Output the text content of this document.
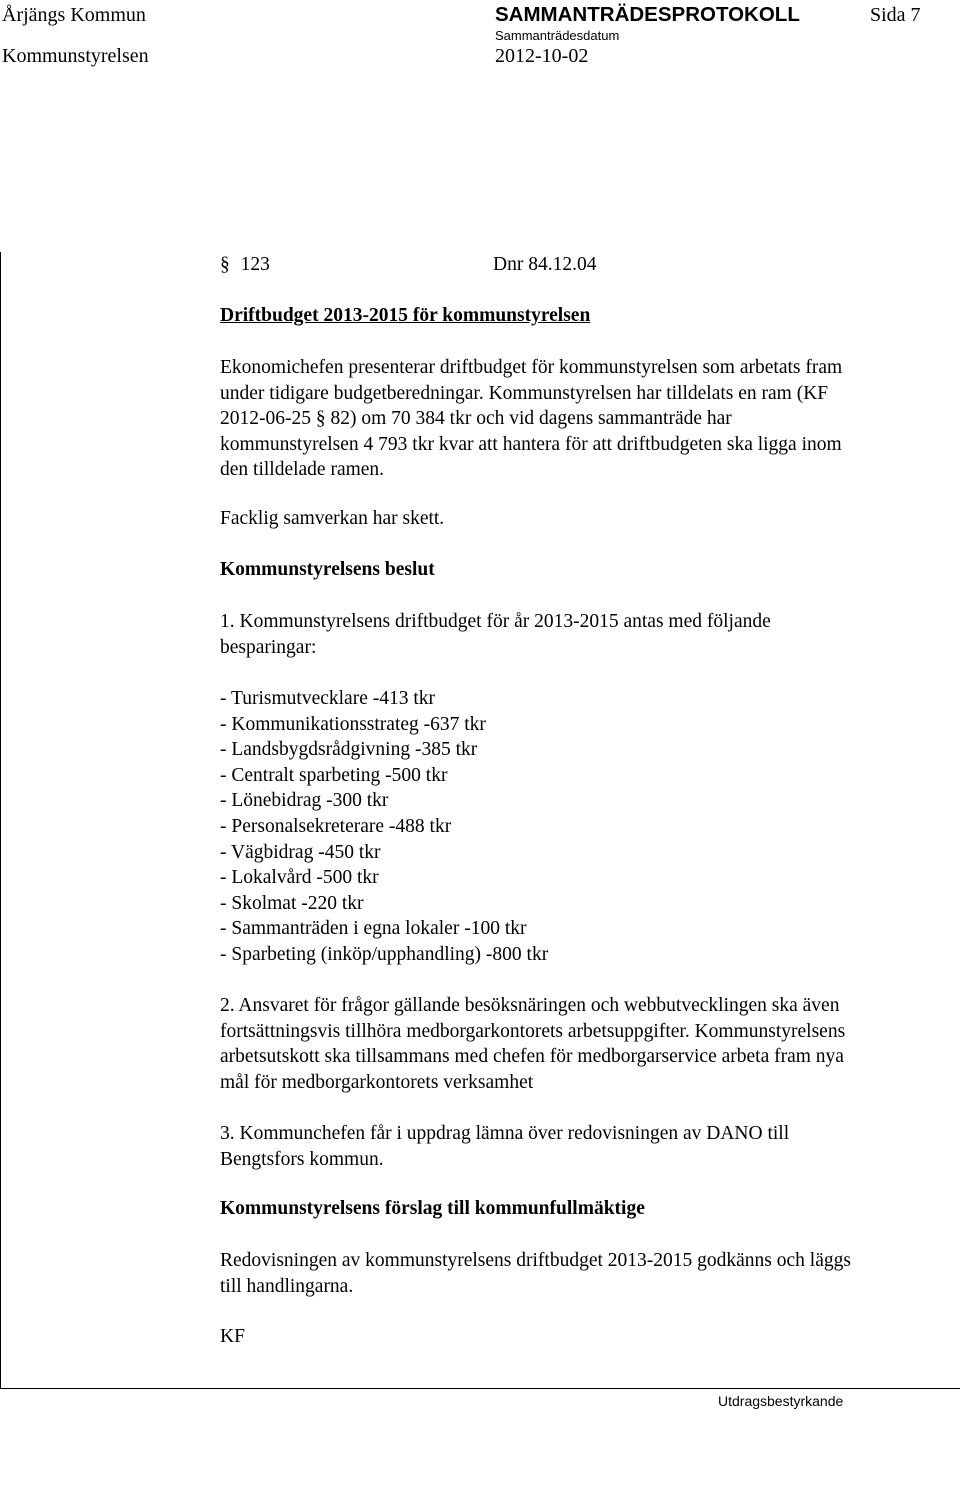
Årjängs Kommun	SAMMANTRÄDESPROTOKOLL	Sida 7
Kommunstyrelsen
Sammanträdesdatum
2012-10-02
§ 123	Dnr 84.12.04
Driftbudget 2013-2015 för kommunstyrelsen

Ekonomichefen presenterar driftbudget för kommunstyrelsen som arbetats fram

under tidigare budgetberedningar. Kommunstyrelsen har tilldelats en ram (KF

2012-06-25 § 82) om 70 384 tkr och vid dagens sammanträde har

kommunstyrelsen 4 793 tkr kvar att hantera för att driftbudgeten ska ligga inom

den tilldelade ramen.

Facklig samverkan har skett.
Kommunstyrelsens beslut

1. Kommunstyrelsens driftbudget för år 2013-2015 antas med följande

besparingar:

- Turismutvecklare -413 tkr
- Kommunikationsstrateg -637 tkr
- Landsbygdsrådgivning -385 tkr
- Centralt sparbeting -500 tkr
- Lönebidrag -300 tkr
- Personalsekreterare -488 tkr
- Vägbidrag -450 tkr
- Lokalvård -500 tkr
- Skolmat -220 tkr
- Sammanträden i egna lokaler -100 tkr
- Sparbeting (inköp/upphandling) -800 tkr

2. Ansvaret för frågor gällande besöksnäringen och webbutvecklingen ska även

fortsättningsvis tillhöra medborgarkontorets arbetsuppgifter. Kommunstyrelsens

arbetsutskott ska tillsammans med chefen för medborgarservice arbeta fram nya

mål för medborgarkontorets verksamhet

3. Kommunchefen får i uppdrag lämna över redovisningen av DANO till

Bengtsfors kommun.

Kommunstyrelsens förslag till kommunfullmäktige

Redovisningen av kommunstyrelsens driftbudget 2013-2015 godkänns och läggs

till handlingarna.

KF
Utdragsbestyrkande
